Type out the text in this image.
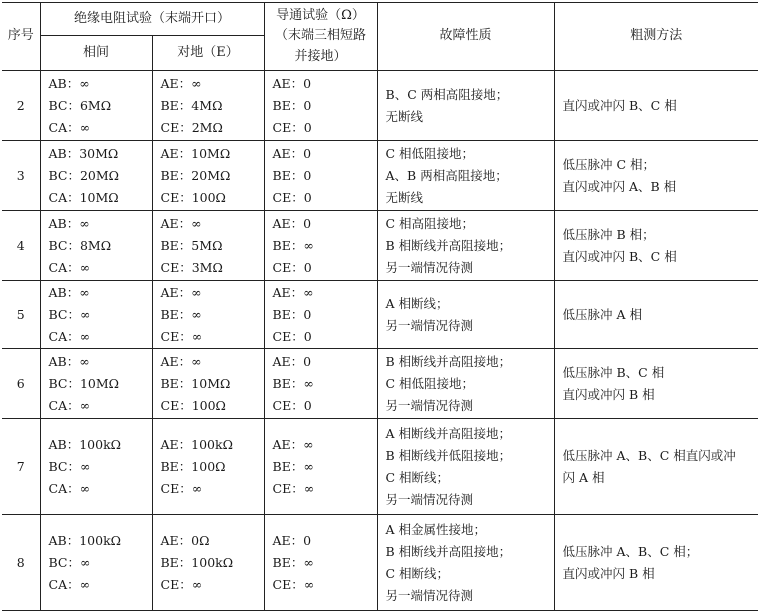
序号	绝缘电阻试验（末端开口）		导通试验（Ω）（末端三相短路并接地）	故障性质	粗测方法
	相间	对地（E）			
2	AB：∞
BC：6MΩ
CA：∞	AE：∞
BE：4MΩ
CE：2MΩ	AE：0
BE：0
CE：0	B、C 两相高阻接地；
无断线	直闪或冲闪 B、C 相

3	AB：30MΩ
BC：20MΩ
CA：10MΩ	AE：10MΩ
BE：20MΩ
CE：100Ω	AE：0
BE：0
CE：0	C 相低阻接地；
A、B 两相高阻接地；
无断线	低压脉冲 C 相；
直闪或冲闪 A、B 相

4	AB：∞
BC：8MΩ
CA：∞	AE：∞
BE：5MΩ
CE：3MΩ	AE：0
BE：∞
CE：0	C 相高阻接地；
B 相断线并高阻接地；
另一端情况待测	低压脉冲 B 相；
直闪或冲闪 B、C 相

5	AB：∞
BC：∞
CA：∞	AE：∞
BE：∞
CE：∞	AE：∞
BE：0
CE：0	A 相断线；
另一端情况待测	低压脉冲 A 相

6	AB：∞
BC：10MΩ
CA：∞	AE：∞
BE：10MΩ
CE：100Ω	AE：0
BE：∞
CE：0	B 相断线并高阻接地；
C 相低阻接地；
另一端情况待测	低压脉冲 B、C 相
直闪或冲闪 B 相

7	AB：100kΩ
BC：∞
CA：∞	AE：100kΩ
BE：100Ω
CE：∞	AE：∞
BE：∞
CE：∞	A 相断线并高阻接地；
B 相断线并低阻接地；
C 相断线；
另一端情况待测	低压脉冲 A、B、C 相直闪或冲
闪 A 相

8	AB：100kΩ
BC：∞
CA：∞	AE：0Ω
BE：100kΩ
CE：∞	AE：0
BE：∞
CE：∞	A 相金属性接地；
B 相断线并高阻接地；
C 相断线；
另一端情况待测	低压脉冲 A、B、C 相；
直闪或冲闪 B 相
